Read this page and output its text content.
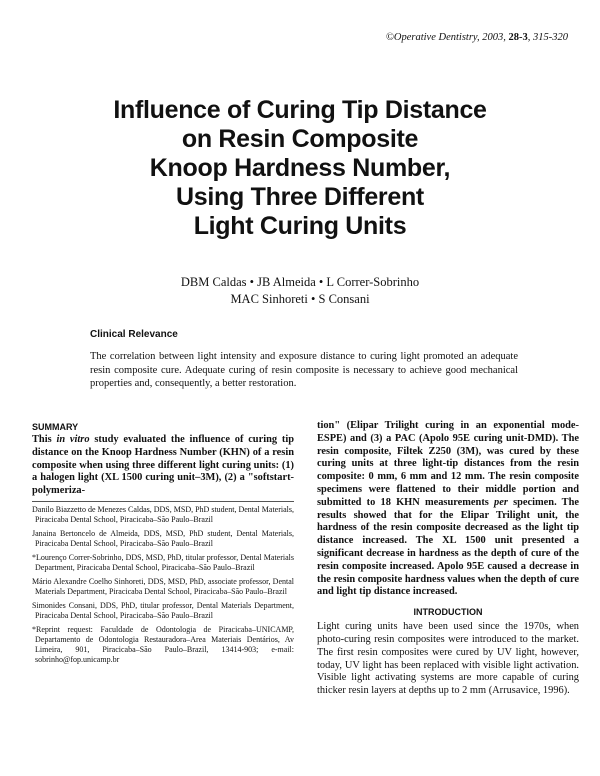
©Operative Dentistry, 2003, 28-3, 315-320
Influence of Curing Tip Distance
on Resin Composite
Knoop Hardness Number,
Using Three Different
Light Curing Units
DBM Caldas • JB Almeida • L Correr-Sobrinho
MAC Sinhoreti • S Consani
Clinical Relevance
The correlation between light intensity and exposure distance to curing light promoted an adequate resin composite cure. Adequate curing of resin composite is necessary to achieve good mechanical properties and, consequently, a better restoration.
SUMMARY

This in vitro study evaluated the influence of curing tip distance on the Knoop Hardness Number (KHN) of a resin composite when using three different light curing units: (1) a halogen light (XL 1500 curing unit–3M), (2) a "softstart-polymeriza-

Danilo Biazzetto de Menezes Caldas, DDS, MSD, PhD student, Dental Materials, Piracicaba Dental School, Piracicaba–São Paulo–Brazil

Janaina Bertoncelo de Almeida, DDS, MSD, PhD student, Dental Materials, Piracicaba Dental School, Piracicaba–São Paulo–Brazil

*Lourenço Correr-Sobrinho, DDS, MSD, PhD, titular professor, Dental Materials Department, Piracicaba Dental School, Piracicaba–São Paulo–Brazil

Mário Alexandre Coelho Sinhoreti, DDS, MSD, PhD, associate professor, Dental Materials Department, Piracicaba Dental School, Piracicaba–São Paulo–Brazil

Simonides Consani, DDS, PhD, titular professor, Dental Materials Department, Piracicaba Dental School, Piracicaba–São Paulo–Brazil

*Reprint request: Faculdade de Odontologia de Piracicaba–UNICAMP, Departamento de Odontologia Restauradora–Area Materiais Dentários, Av Limeira, 901, Piracicaba–São Paulo–Brazil, 13414-903; e-mail: sobrinho@fop.unicamp.br

tion" (Elipar Trilight curing in an exponential mode-ESPE) and (3) a PAC (Apolo 95E curing unit-DMD). The resin composite, Filtek Z250 (3M), was cured by these curing units at three light-tip distances from the resin composite: 0 mm, 6 mm and 12 mm. The resin composite specimens were flattened to their middle portion and submitted to 18 KHN measurements per specimen. The results showed that for the Elipar Trilight unit, the hardness of the resin composite decreased as the light tip distance increased. The XL 1500 unit presented a significant decrease in hardness as the depth of cure of the resin composite increased. Apolo 95E caused a decrease in the resin composite hardness values when the depth of cure and light tip distance increased.

INTRODUCTION

Light curing units have been used since the 1970s, when photo-curing resin composites were introduced to the market. The first resin composites were cured by UV light, however, today, UV light has been replaced with visible light activation. Visible light activating systems are more capable of curing thicker resin layers at depths up to 2 mm (Arrusavice, 1996).
